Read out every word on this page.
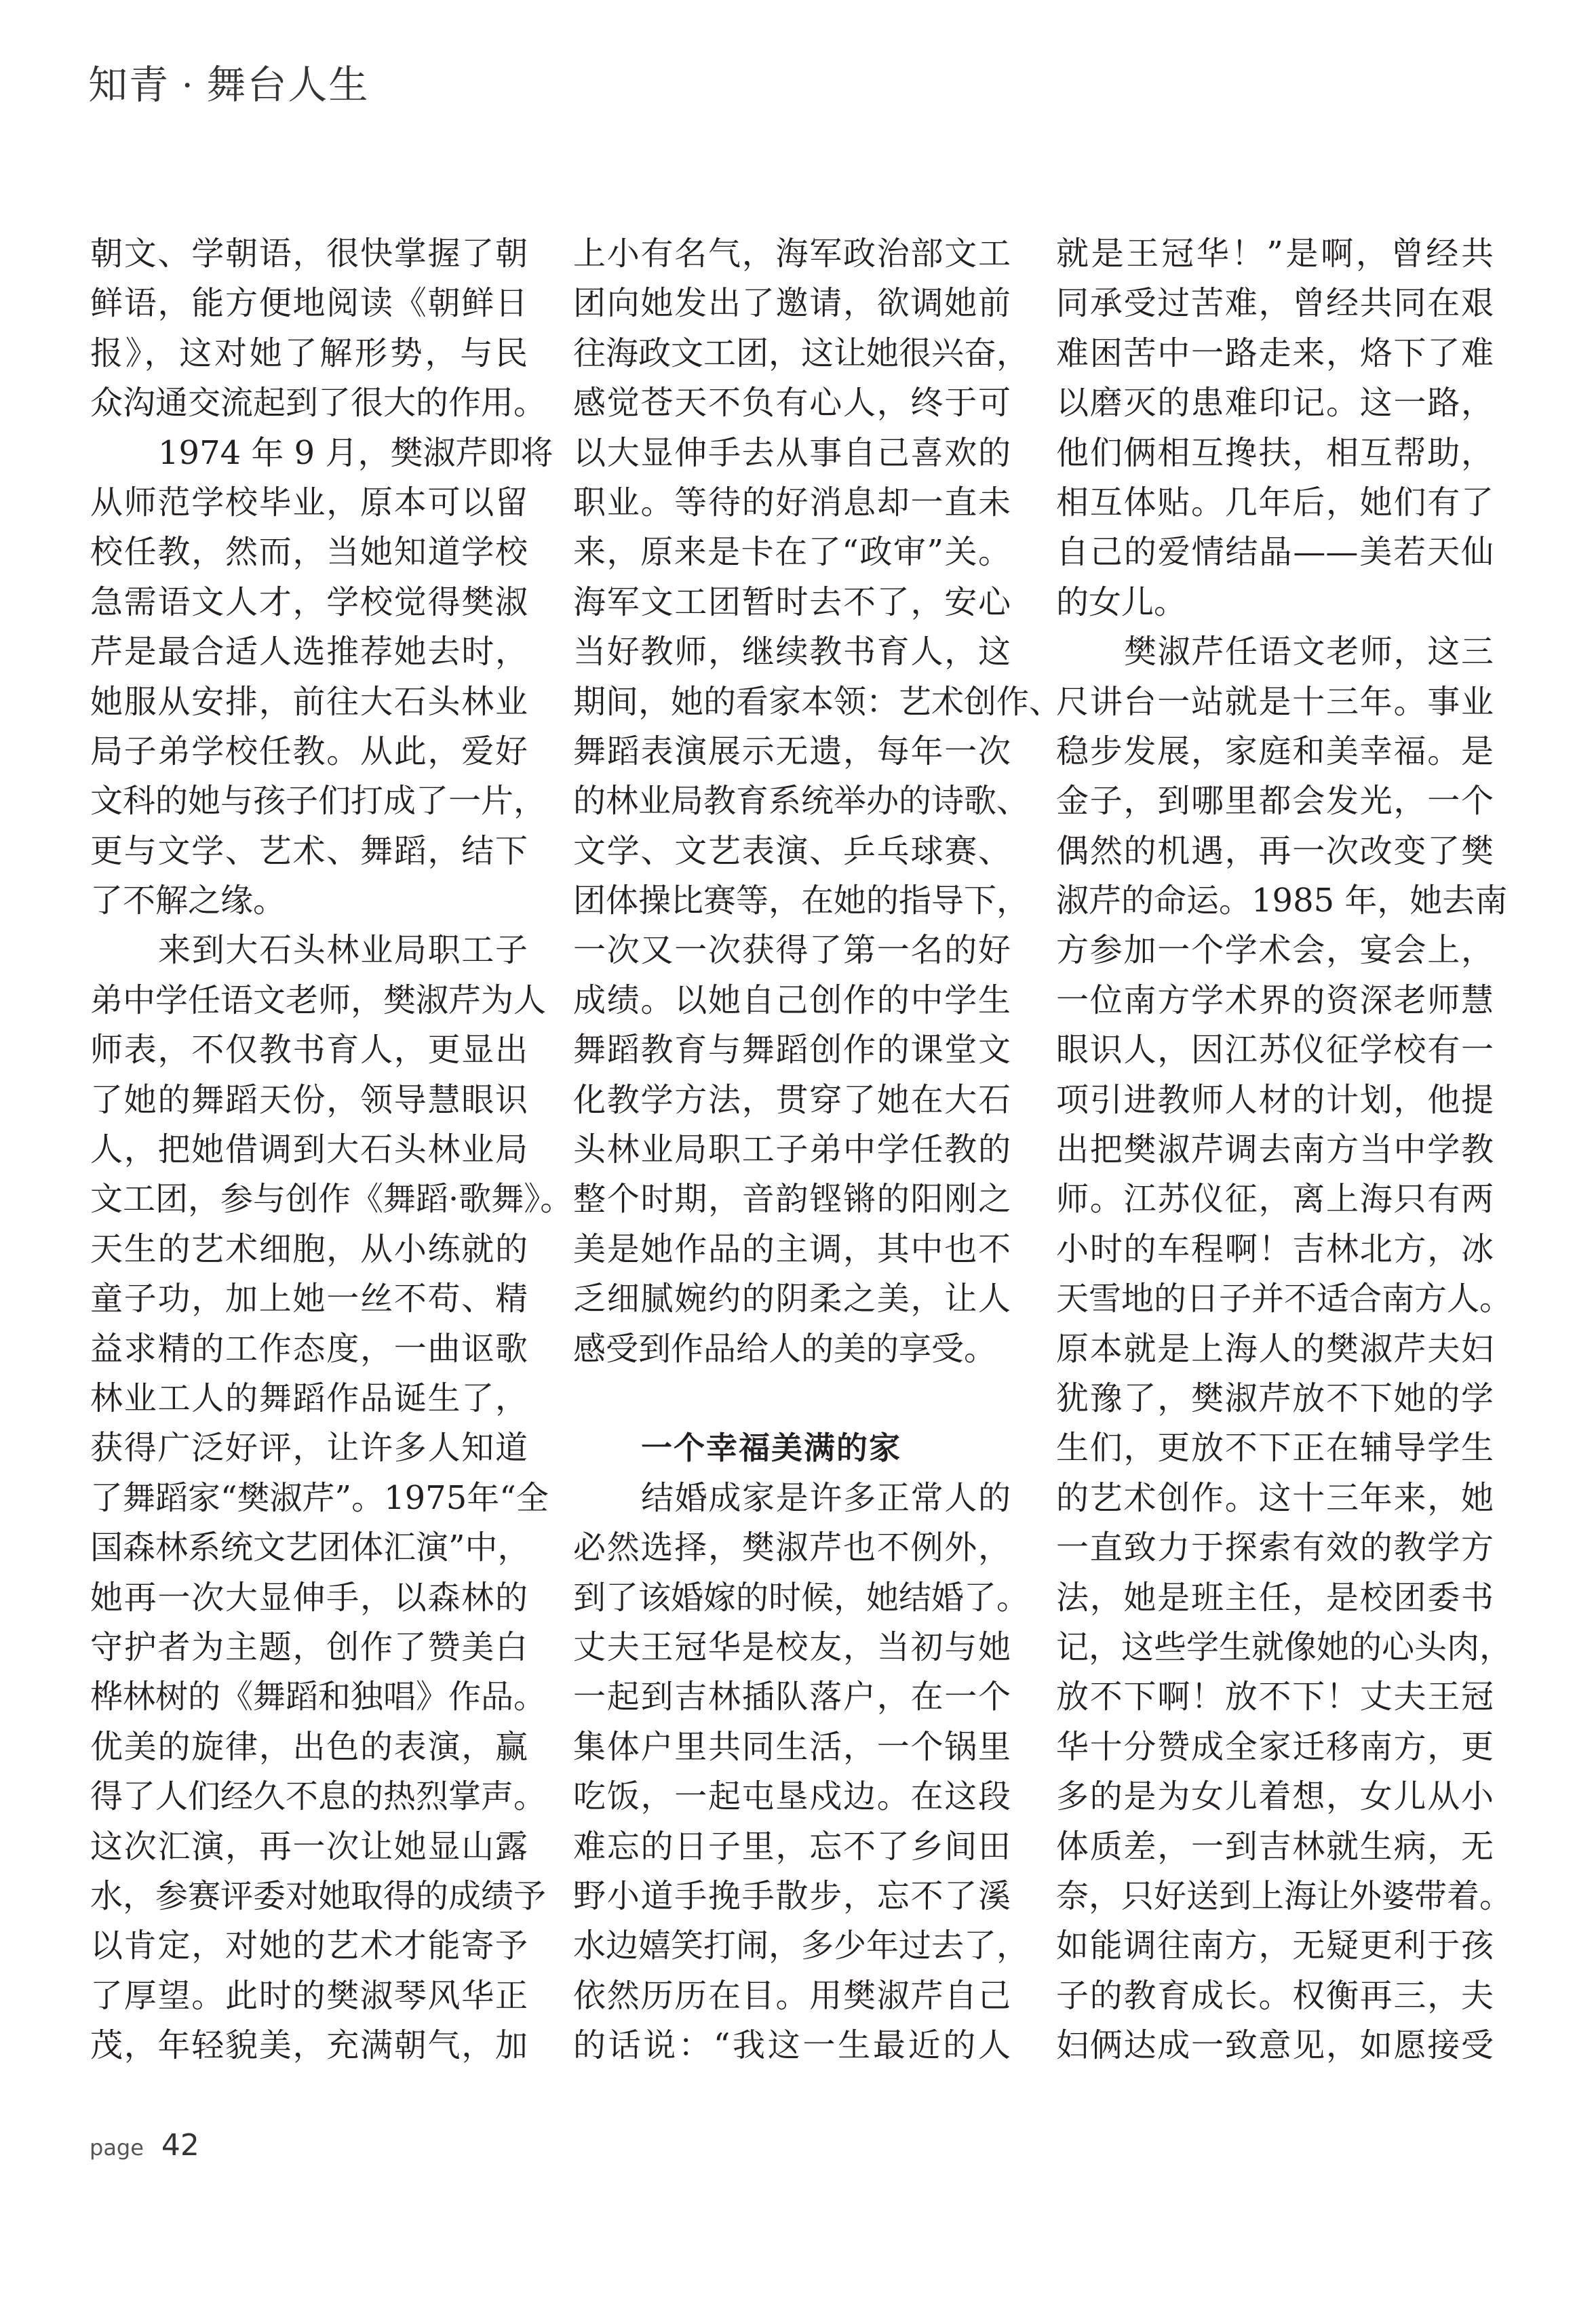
知青 · 舞台人生
朝文、学朝语，很快掌握了朝
鲜语，能方便地阅读《朝鲜日
报》，这对她了解形势，与民
众沟通交流起到了很大的作用。
1974 年 9 月，樊淑芹即将
从师范学校毕业，原本可以留
校任教，然而，当她知道学校
急需语文人才，学校觉得樊淑
芹是最合适人选推荐她去时，
她服从安排，前往大石头林业
局子弟学校任教。从此，爱好
文科的她与孩子们打成了一片，
更与文学、艺术、舞蹈，结下
了不解之缘。
来到大石头林业局职工子
弟中学任语文老师，樊淑芹为人
师表，不仅教书育人，更显出
了她的舞蹈天份，领导慧眼识
人，把她借调到大石头林业局
文工团，参与创作《舞蹈·歌舞》。
天生的艺术细胞，从小练就的
童子功，加上她一丝不苟、精
益求精的工作态度，一曲讴歌
林业工人的舞蹈作品诞生了，
获得广泛好评，让许多人知道
了舞蹈家“樊淑芹”。1975年“全
国森林系统文艺团体汇演”中，
她再一次大显伸手，以森林的
守护者为主题，创作了赞美白
桦林树的《舞蹈和独唱》作品。
优美的旋律，出色的表演，赢
得了人们经久不息的热烈掌声。
这次汇演，再一次让她显山露
水，参赛评委对她取得的成绩予
以肯定，对她的艺术才能寄予
了厚望。此时的樊淑琴风华正
茂，年轻貌美，充满朝气，加
上小有名气，海军政治部文工
团向她发出了邀请，欲调她前
往海政文工团，这让她很兴奋，
感觉苍天不负有心人，终于可
以大显伸手去从事自己喜欢的
职业。等待的好消息却一直未
来，原来是卡在了“政审”关。
海军文工团暂时去不了，安心
当好教师，继续教书育人，这
期间，她的看家本领：艺术创作、
舞蹈表演展示无遗，每年一次
的林业局教育系统举办的诗歌、
文学、文艺表演、乒乓球赛、
团体操比赛等，在她的指导下，
一次又一次获得了第一名的好
成绩。以她自己创作的中学生
舞蹈教育与舞蹈创作的课堂文
化教学方法，贯穿了她在大石
头林业局职工子弟中学任教的
整个时期，音韵铿锵的阳刚之
美是她作品的主调，其中也不
乏细腻婉约的阴柔之美，让人
感受到作品给人的美的享受。
一个幸福美满的家
结婚成家是许多正常人的
必然选择，樊淑芹也不例外，
到了该婚嫁的时候，她结婚了。
丈夫王冠华是校友，当初与她
一起到吉林插队落户，在一个
集体户里共同生活，一个锅里
吃饭，一起屯垦戍边。在这段
难忘的日子里，忘不了乡间田
野小道手挽手散步，忘不了溪
水边嬉笑打闹，多少年过去了，
依然历历在目。用樊淑芹自己
的话说：“我这一生最近的人
就是王冠华！”是啊，曾经共
同承受过苦难，曾经共同在艰
难困苦中一路走来，烙下了难
以磨灭的患难印记。这一路，
他们俩相互搀扶，相互帮助，
相互体贴。几年后，她们有了
自己的爱情结晶——美若天仙
的女儿。
樊淑芹任语文老师，这三
尺讲台一站就是十三年。事业
稳步发展，家庭和美幸福。是
金子，到哪里都会发光，一个
偶然的机遇，再一次改变了樊
淑芹的命运。1985 年，她去南
方参加一个学术会，宴会上，
一位南方学术界的资深老师慧
眼识人，因江苏仪征学校有一
项引进教师人材的计划，他提
出把樊淑芹调去南方当中学教
师。江苏仪征，离上海只有两
小时的车程啊！吉林北方，冰
天雪地的日子并不适合南方人。
原本就是上海人的樊淑芹夫妇
犹豫了，樊淑芹放不下她的学
生们，更放不下正在辅导学生
的艺术创作。这十三年来，她
一直致力于探索有效的教学方
法，她是班主任，是校团委书
记，这些学生就像她的心头肉，
放不下啊！放不下！丈夫王冠
华十分赞成全家迁移南方，更
多的是为女儿着想，女儿从小
体质差，一到吉林就生病，无
奈，只好送到上海让外婆带着。
如能调往南方，无疑更利于孩
子的教育成长。权衡再三，夫
妇俩达成一致意见，如愿接受
page 42
